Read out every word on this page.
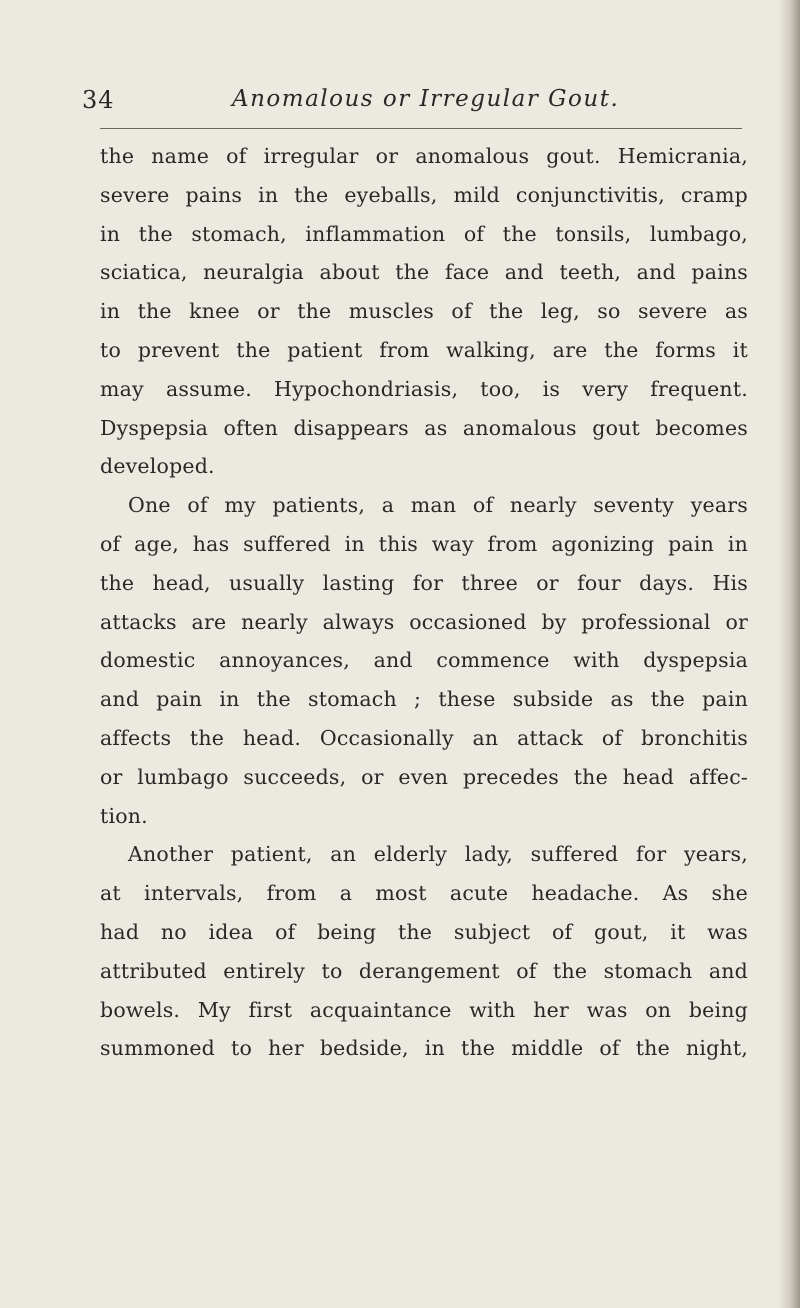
34	Anomalous or Irregular Gout.
the name of irregular or anomalous gout. Hemicrania,
severe pains in the eyeballs, mild conjunctivitis, cramp
in the stomach, inflammation of the tonsils, lumbago,
sciatica, neuralgia about the face and teeth, and pains
in the knee or the muscles of the leg, so severe as
to prevent the patient from walking, are the forms it
may assume. Hypochondriasis, too, is very frequent.
Dyspepsia often disappears as anomalous gout becomes
developed.
One of my patients, a man of nearly seventy years
of age, has suffered in this way from agonizing pain in
the head, usually lasting for three or four days. His
attacks are nearly always occasioned by professional or
domestic annoyances, and commence with dyspepsia
and pain in the stomach ; these subside as the pain
affects the head. Occasionally an attack of bronchitis
or lumbago succeeds, or even precedes the head affec-
tion.
Another patient, an elderly lady, suffered for years,
at intervals, from a most acute headache. As she
had no idea of being the subject of gout, it was
attributed entirely to derangement of the stomach and
bowels. My first acquaintance with her was on being
summoned to her bedside, in the middle of the night,
